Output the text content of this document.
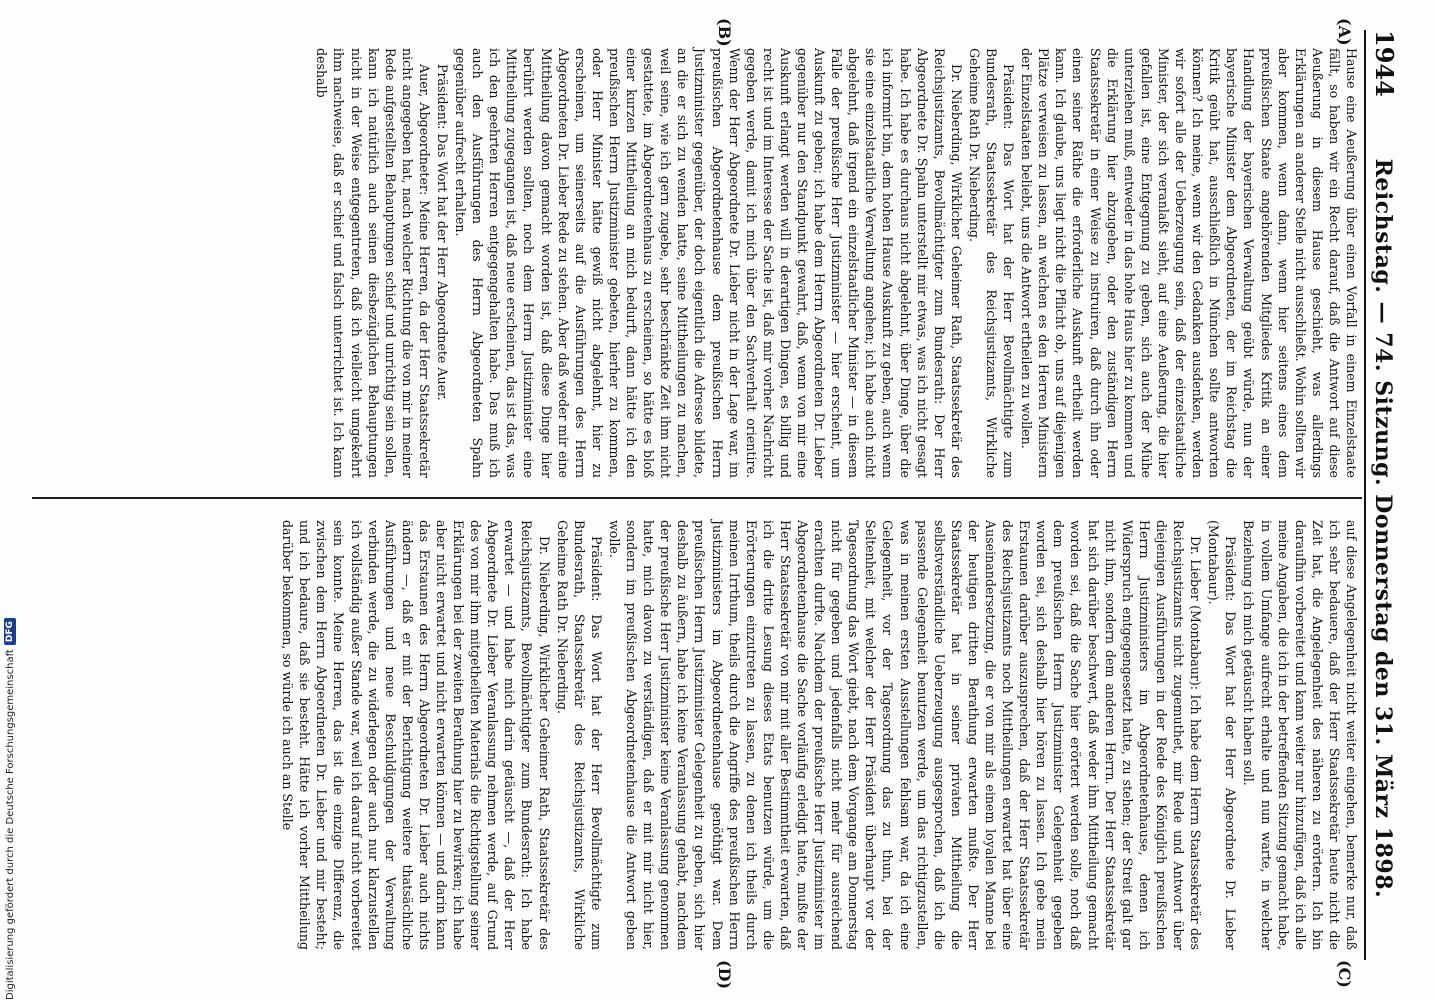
1944
Reichstag. — 74. Sitzung. Donnerstag den 31. März 1898.
(A)
(B)
(C)
(D)

Hause eine Aeußerung über einen Vorfall in einem Einzelstaate fällt, so haben wir ein Recht darauf, daß die Antwort auf diese Aeußerung in diesem Hause geschieht, was allerdings Erklärungen an anderer Stelle nicht ausschließt. Wohin sollten wir aber kommen, wenn dann, wenn hier seitens eines dem preußischen Staate angehörenden Mitgliedes Kritik an einer Handlung der bayerischen Verwaltung geübt würde, nun der bayerische Minister dem Abgeordneten, der im Reichstag die Kritik geübt hat, ausschließlich in München sollte antworten können? Ich meine, wenn wir den Gedanken ausdenken, werden wir sofort alle der Ueberzeugung sein, daß der einzelstaatliche Minister, der sich veranlaßt sieht, auf eine Aeußerung, die hier gefallen ist, eine Entgegnung zu geben, sich auch der Mühe unterziehen muß, entweder in das hohe Haus hier zu kommen und die Erklärung hier abzugeben, oder den zuständigen Herrn Staatssekretär in einer Weise zu instruiren, daß durch ihn oder einen seiner Räthe die erforderliche Auskunft ertheilt werden kann. Ich glaube, uns liegt nicht die Pflicht ob, uns auf diejenigen Plätze verweisen zu lassen, an welchen es den Herren Ministern der Einzelstaaten beliebt, uns die Antwort ertheilen zu wollen.

Präsident: Das Wort hat der Herr Bevollmächtigte zum Bundesrath, Staatssekretär des Reichsjustizamts, Wirkliche Geheime Rath Dr. Nieberding.

Dr. Nieberding, Wirklicher Geheimer Rath, Staatssekretär des Reichsjustizamts, Bevollmächtigter zum Bundesrath: Der Herr Abgeordnete Dr. Spahn unterstellt mir etwas, was ich nicht gesagt habe. Ich habe es durchaus nicht abgelehnt, über Dinge, über die ich informirt bin, dem hohen Hause Auskunft zu geben, auch wenn sie eine einzelstaatliche Verwaltung angehen; ich habe auch nicht abgelehnt, daß irgend ein einzelstaatlicher Minister — in diesem Falle der preußische Herr Justizminister — hier erscheint, um Auskunft zu geben; ich habe dem Herrn Abgeordneten Dr. Lieber gegenüber nur den Standpunkt gewahrt, daß, wenn von mir eine Auskunft erlangt werden will in derartigen Dingen, es billig und recht ist und im Interesse der Sache ist, daß mir vorher Nachricht gegeben werde, damit ich mich über den Sachverhalt orientire. Wenn der Herr Abgeordnete Dr. Lieber nicht in der Lage war, im preußischen Abgeordnetenhause dem preußischen Herrn Justizminister gegenüber, der doch eigentlich die Adresse bildete, an die er sich zu wenden hatte, seine Mittheilungen zu machen, weil seine, wie ich gern zugebe, sehr beschränkte Zeit ihm nicht gestattete, im Abgeordnetenhaus zu erscheinen, so hätte es bloß einer kurzen Mittheilung an mich bedurft, dann hätte ich den preußischen Herrn Justizminister gebeten, hierher zu kommen, oder Herr Minister hätte gewiß nicht abgelehnt, hier zu erscheinen, um seinerseits auf die Ausführungen des Herrn Abgeordneten Dr. Lieber Rede zu stehen. Aber daß weder mir eine Mittheilung davon gemacht worden ist, daß diese Dinge hier berührt werden sollten, noch dem Herrn Justizminister eine Mittheilung zugegangen ist, daß neue erscheinen, das ist das, was ich den geehrten Herren entgegengehalten habe. Das muß ich auch den Ausführungen des Herrn Abgeordneten Spahn gegenüber aufrecht erhalten.

Präsident: Das Wort hat der Herr Abgeordnete Auer.

Auer, Abgeordneter: Meine Herren, da der Herr Staatssekretär nicht angegeben hat, nach welcher Richtung die von mir in meiner Rede aufgestellten Behauptungen schief und unrichtig sein sollen, kann ich natürlich auch seinen diesbezüglichen Behauptungen nicht in der Weise entgegentreten, daß ich vielleicht umgekehrt ihm nachweise, daß er schief und falsch unterrichtet ist. Ich kann deshalb

auf diese Angelegenheit nicht weiter eingehen, bemerke nur, daß ich sehr bedauere, daß der Herr Staatssekretär heute nicht die Zeit hat, die Angelegenheit des näheren zu erörtern. Ich bin daraufhin vorbereitet und kann weiter nur hinzufügen, daß ich alle meine Angaben, die ich in der betreffenden Sitzung gemacht habe, in vollem Umfange aufrecht erhalte und nun warte, in welcher Beziehung ich mich getäuscht haben soll.

Präsident: Das Wort hat der Herr Abgeordnete Dr. Lieber (Montabaur).

Dr. Lieber (Montabaur): Ich habe dem Herrn Staatssekretär des Reichsjustizamts nicht zugemuthet, mir Rede und Antwort über diejenigen Ausführungen in der Rede des Königlich preußischen Herrn Justizministers im Abgeordnetenhause, denen ich Widerspruch entgegengesetzt hatte, zu stehen; der Streit galt gar nicht ihm, sondern dem anderen Herrn. Der Herr Staatssekretär hat sich darüber beschwert, daß weder ihm Mittheilung gemacht worden sei, daß die Sache hier erörtert werden solle, noch daß dem preußischen Herrn Justizminister Gelegenheit gegeben worden sei, sich deshalb hier hören zu lassen. Ich gebe mein Erstaunen darüber auszusprechen, daß der Herr Staatssekretär des Reichsjustizamts noch Mittheilungen erwartet hat über eine Auseinandersetzung, die er von mir als einem loyalen Manne bei der heutigen dritten Berathung erwarten mußte. Der Herr Staatssekretär hat in seiner privaten Mittheilung die selbstverständliche Ueberzeugung ausgesprochen, daß ich die passende Gelegenheit benutzen werde, um das richtigzustellen, was in meinen ersten Ausstellungen fehlsam war, da ich eine Gelegenheit, vor der Tagesordnung das zu thun, bei der Seltenheit, mit welcher der Herr Präsident überhaupt vor der Tagesordnung das Wort giebt, nach dem Vorgange am Donnerstag nicht für gegeben und jedenfalls nicht mehr für ausreichend erachten durfte. Nachdem der preußische Herr Justizminister im Abgeordnetenhause die Sache vorläufig erledigt hatte, mußte der Herr Staatssekretär von mir mit aller Bestimmtheit erwarten, daß ich die dritte Lesung dieses Etats benutzen würde, um die Erörterungen einzutreten zu lassen, zu denen ich theils durch meinen Irrthum, theils durch die Angriffe des preußischen Herrn Justizministers im Abgeordnetenhause genöthigt war. Dem preußischen Herrn Justizminister Gelegenheit zu geben, sich hier deshalb zu äußern, habe ich keine Veranlassung gehabt, nachdem der preußische Herr Justizminister keine Veranlassung genommen hatte, mich davon zu verständigen, daß er mit mir nicht hier, sondern im preußischen Abgeordnetenhause die Antwort geben wolle.

Präsident: Das Wort hat der Herr Bevollmächtigte zum Bundesrath, Staatssekretär des Reichsjustizamts, Wirkliche Geheime Rath Dr. Nieberding.

Dr. Nieberding, Wirklicher Geheimer Rath, Staatssekretär des Reichsjustizamts, Bevollmächtigter zum Bundesrath: Ich habe erwartet — und habe mich darin getäuscht —, daß der Herr Abgeordnete Dr. Lieber Veranlassung nehmen werde, auf Grund des von mir ihm mitgetheilten Materials die Richtigstellung seiner Erklärungen bei der zweiten Berathung hier zu bewirken; ich habe aber nicht erwartet und nicht erwarten können — und darin kann das Erstaunen des Herrn Abgeordneten Dr. Lieber auch nichts ändern —, daß er mit der Berichtigung weitere thatsächliche Ausführungen und neue Beschuldigungen der Verwaltung verbinden werde, die zu widerlegen oder auch nur klarzustellen ich vollständig außer Stande war, weil ich darauf nicht vorbereitet sein konnte. Meine Herren, das ist die einzige Differenz, die zwischen dem Herrn Abgeordneten Dr. Lieber und mir besteht; und ich bedaure, daß sie besteht. Hätte ich vorher Mittheilung darüber bekommen, so würde ich auch an Stelle

Digitalisierung gefördert durch die Deutsche Forschungsgemeinschaft
DFG
